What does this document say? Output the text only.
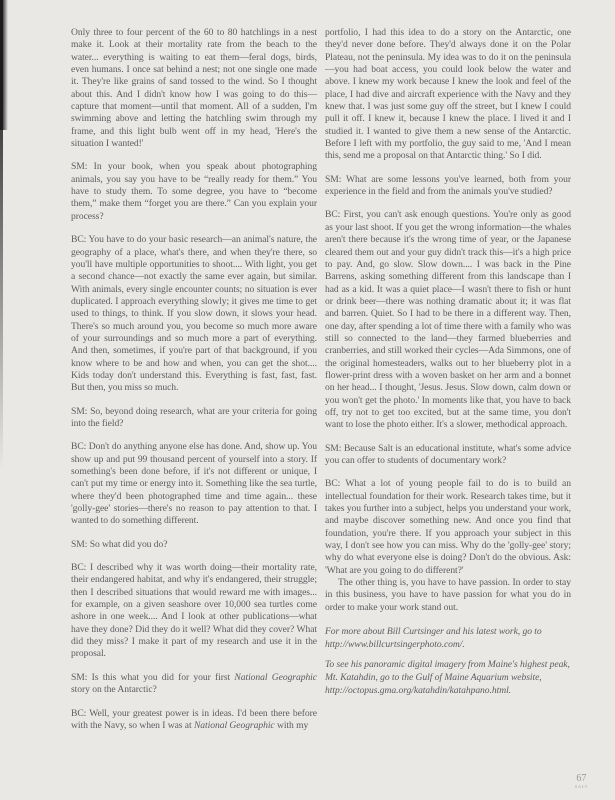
Only three to four percent of the 60 to 80 hatchlings in a nest make it. Look at their mortality rate from the beach to the water... everything is waiting to eat them—feral dogs, birds, even humans. I once sat behind a nest; not one single one made it. They're like grains of sand tossed to the wind. So I thought about this. And I didn't know how I was going to do this—capture that moment—until that moment. All of a sudden, I'm swimming above and letting the hatchling swim through my frame, and this light bulb went off in my head, 'Here's the situation I wanted!'

SM: In your book, when you speak about photographing animals, you say you have to be “really ready for them.” You have to study them. To some degree, you have to “become them,” make them “forget you are there.” Can you explain your process?

BC: You have to do your basic research—an animal's nature, the geography of a place, what's there, and when they're there, so you'll have multiple opportunities to shoot.... With light, you get a second chance—not exactly the same ever again, but similar. With animals, every single encounter counts; no situation is ever duplicated. I approach everything slowly; it gives me time to get used to things, to think. If you slow down, it slows your head. There's so much around you, you become so much more aware of your surroundings and so much more a part of everything. And then, sometimes, if you're part of that background, if you know where to be and how and when, you can get the shot.... Kids today don't understand this. Everything is fast, fast, fast. But then, you miss so much.

SM: So, beyond doing research, what are your criteria for going into the field?

BC: Don't do anything anyone else has done. And, show up. You show up and put 99 thousand percent of yourself into a story. If something's been done before, if it's not different or unique, I can't put my time or energy into it. Something like the sea turtle, where they'd been photographed time and time again... these 'golly-gee' stories—there's no reason to pay attention to that. I wanted to do something different.

SM: So what did you do?

BC: I described why it was worth doing—their mortality rate, their endangered habitat, and why it's endangered, their struggle; then I described situations that would reward me with images... for example, on a given seashore over 10,000 sea turtles come ashore in one week.... And I look at other publications—what have they done? Did they do it well? What did they cover? What did they miss? I make it part of my research and use it in the proposal.

SM: Is this what you did for your first National Geographic story on the Antarctic?

BC: Well, your greatest power is in ideas. I'd been there before with the Navy, so when I was at National Geographic with my

portfolio, I had this idea to do a story on the Antarctic, one they'd never done before. They'd always done it on the Polar Plateau, not the peninsula. My idea was to do it on the peninsula—you had boat access, you could look below the water and above. I knew my work because I knew the look and feel of the place, I had dive and aircraft experience with the Navy and they knew that. I was just some guy off the street, but I knew I could pull it off. I knew it, because I knew the place. I lived it and I studied it. I wanted to give them a new sense of the Antarctic. Before I left with my portfolio, the guy said to me, 'And I mean this, send me a proposal on that Antarctic thing.' So I did.

SM: What are some lessons you've learned, both from your experience in the field and from the animals you've studied?

BC: First, you can't ask enough questions. You're only as good as your last shoot. If you get the wrong information—the whales aren't there because it's the wrong time of year, or the Japanese cleared them out and your guy didn't track this—it's a high price to pay. And, go slow. Slow down.... I was back in the Pine Barrens, asking something different from this landscape than I had as a kid. It was a quiet place—I wasn't there to fish or hunt or drink beer—there was nothing dramatic about it; it was flat and barren. Quiet. So I had to be there in a different way. Then, one day, after spending a lot of time there with a family who was still so connected to the land—they farmed blueberries and cranberries, and still worked their cycles—Ada Simmons, one of the original homesteaders, walks out to her blueberry plot in a flower-print dress with a woven basket on her arm and a bonnet on her head... I thought, 'Jesus. Jesus. Slow down, calm down or you won't get the photo.' In moments like that, you have to back off, try not to get too excited, but at the same time, you don't want to lose the photo either. It's a slower, methodical approach.

SM: Because Salt is an educational institute, what's some advice you can offer to students of documentary work?

BC: What a lot of young people fail to do is to build an intellectual foundation for their work. Research takes time, but it takes you further into a subject, helps you understand your work, and maybe discover something new. And once you find that foundation, you're there. If you approach your subject in this way, I don't see how you can miss. Why do the 'golly-gee' story; why do what everyone else is doing? Don't do the obvious. Ask: 'What are you going to do different?'

The other thing is, you have to have passion. In order to stay in this business, you have to have passion for what you do in order to make your work stand out.

For more about Bill Curtsinger and his latest work, go to http://www.billcurtsingerphoto.com/.

To see his panoramic digital imagery from Maine's highest peak, Mt. Katahdin, go to the Gulf of Maine Aquarium website, http://octopus.gma.org/katahdin/katahpano.html.

67
SALT
